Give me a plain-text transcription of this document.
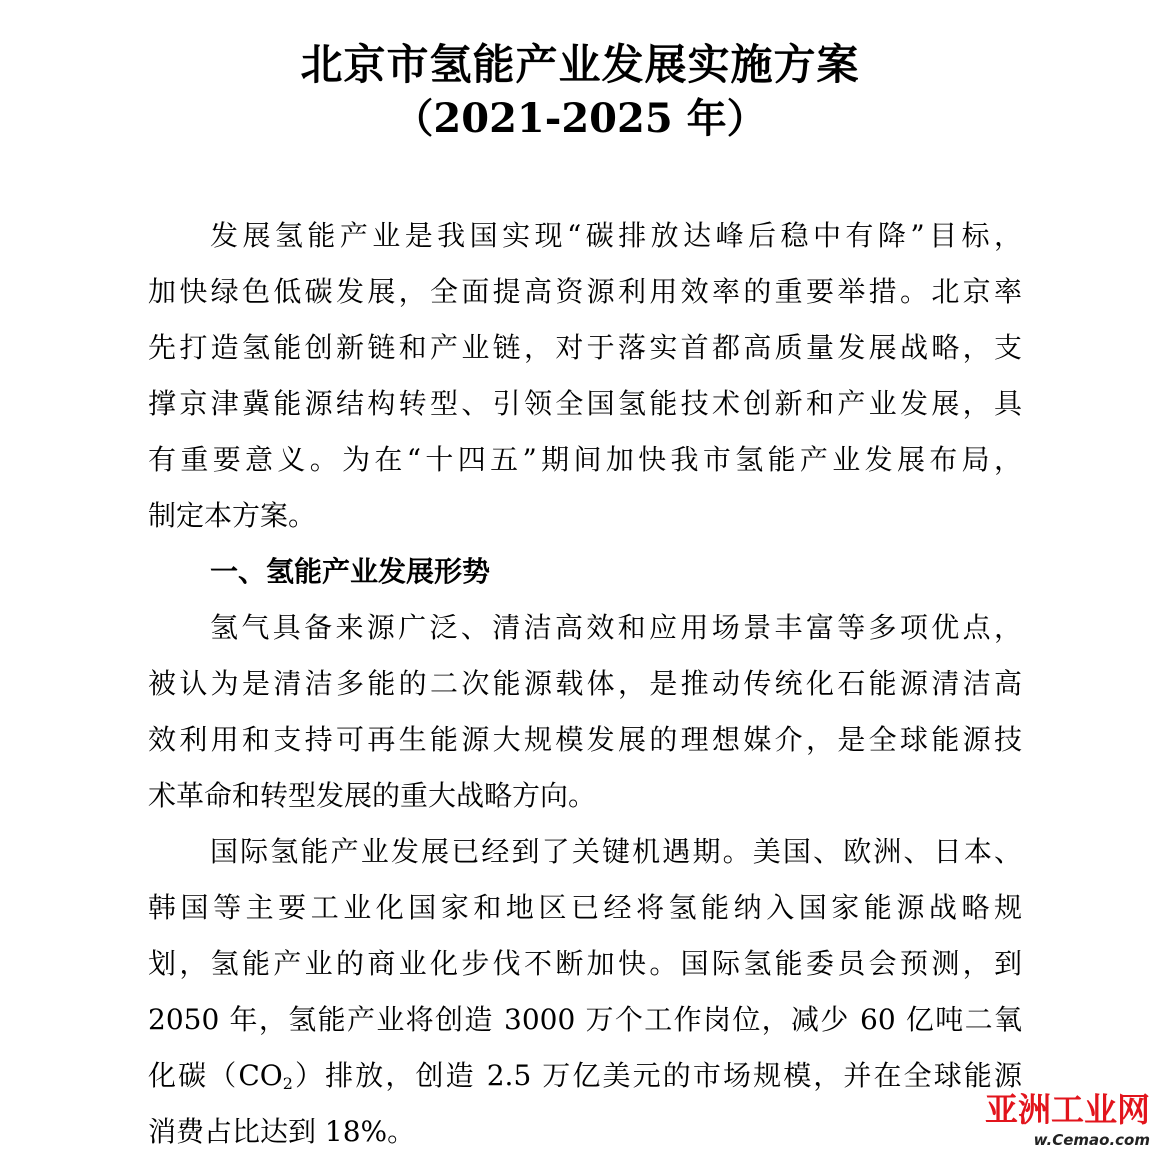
北京市氢能产业发展实施方案
（2021-2025 年）
发展氢能产业是我国实现“碳排放达峰后稳中有降”目标，
加快绿色低碳发展，全面提高资源利用效率的重要举措。北京率
先打造氢能创新链和产业链，对于落实首都高质量发展战略，支
撑京津冀能源结构转型、引领全国氢能技术创新和产业发展，具
有重要意义。为在“十四五”期间加快我市氢能产业发展布局，
制定本方案。
一、氢能产业发展形势
氢气具备来源广泛、清洁高效和应用场景丰富等多项优点，
被认为是清洁多能的二次能源载体，是推动传统化石能源清洁高
效利用和支持可再生能源大规模发展的理想媒介，是全球能源技
术革命和转型发展的重大战略方向。
国际氢能产业发展已经到了关键机遇期。美国、欧洲、日本、
韩国等主要工业化国家和地区已经将氢能纳入国家能源战略规
划，氢能产业的商业化步伐不断加快。国际氢能委员会预测，到
2050 年，氢能产业将创造 3000 万个工作岗位，减少 60 亿吨二氧
化碳$(CO_2)$排放，创造 2.5 万亿美元的市场规模，并在全球能源
消费占比达到 18%。
亚洲工业网
w.Cemao.com
